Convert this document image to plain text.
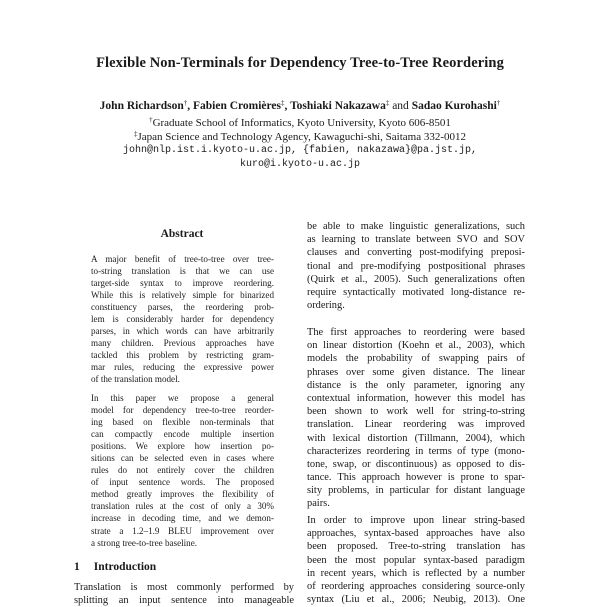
Flexible Non-Terminals for Dependency Tree-to-Tree Reordering
John Richardson†, Fabien Cromières‡, Toshiaki Nakazawa‡ and Sadao Kurohashi†
†Graduate School of Informatics, Kyoto University, Kyoto 606-8501
‡Japan Science and Technology Agency, Kawaguchi-shi, Saitama 332-0012
john@nlp.ist.i.kyoto-u.ac.jp, {fabien, nakazawa}@pa.jst.jp,
kuro@i.kyoto-u.ac.jp
Abstract
A major benefit of tree-to-tree over tree-
to-string translation is that we can use
target-side syntax to improve reordering.
While this is relatively simple for binarized
constituency parses, the reordering prob-
lem is considerably harder for dependency
parses, in which words can have arbitrarily
many children. Previous approaches have
tackled this problem by restricting gram-
mar rules, reducing the expressive power
of the translation model.
In this paper we propose a general
model for dependency tree-to-tree reorder-
ing based on flexible non-terminals that
can compactly encode multiple insertion
positions. We explore how insertion po-
sitions can be selected even in cases where
rules do not entirely cover the children
of input sentence words. The proposed
method greatly improves the flexibility of
translation rules at the cost of only a 30%
increase in decoding time, and we demon-
strate a 1.2–1.9 BLEU improvement over
a strong tree-to-tree baseline.
1 Introduction
Translation is most commonly performed by
splitting an input sentence into manageable
be able to make linguistic generalizations, such
as learning to translate between SVO and SOV
clauses and converting post-modifying preposi-
tional and pre-modifying postpositional phrases
(Quirk et al., 2005). Such generalizations often
require syntactically motivated long-distance re-
ordering.
The first approaches to reordering were based
on linear distortion (Koehn et al., 2003), which
models the probability of swapping pairs of
phrases over some given distance. The linear
distance is the only parameter, ignoring any
contextual information, however this model has
been shown to work well for string-to-string
translation. Linear reordering was improved
with lexical distortion (Tillmann, 2004), which
characterizes reordering in terms of type (mono-
tone, swap, or discontinuous) as opposed to dis-
tance. This approach however is prone to spar-
sity problems, in particular for distant language
pairs.
In order to improve upon linear string-based
approaches, syntax-based approaches have also
been proposed. Tree-to-string translation has
been the most popular syntax-based paradigm
in recent years, which is reflected by a number
of reordering approaches considering source-only
syntax (Liu et al., 2006; Neubig, 2013). One
